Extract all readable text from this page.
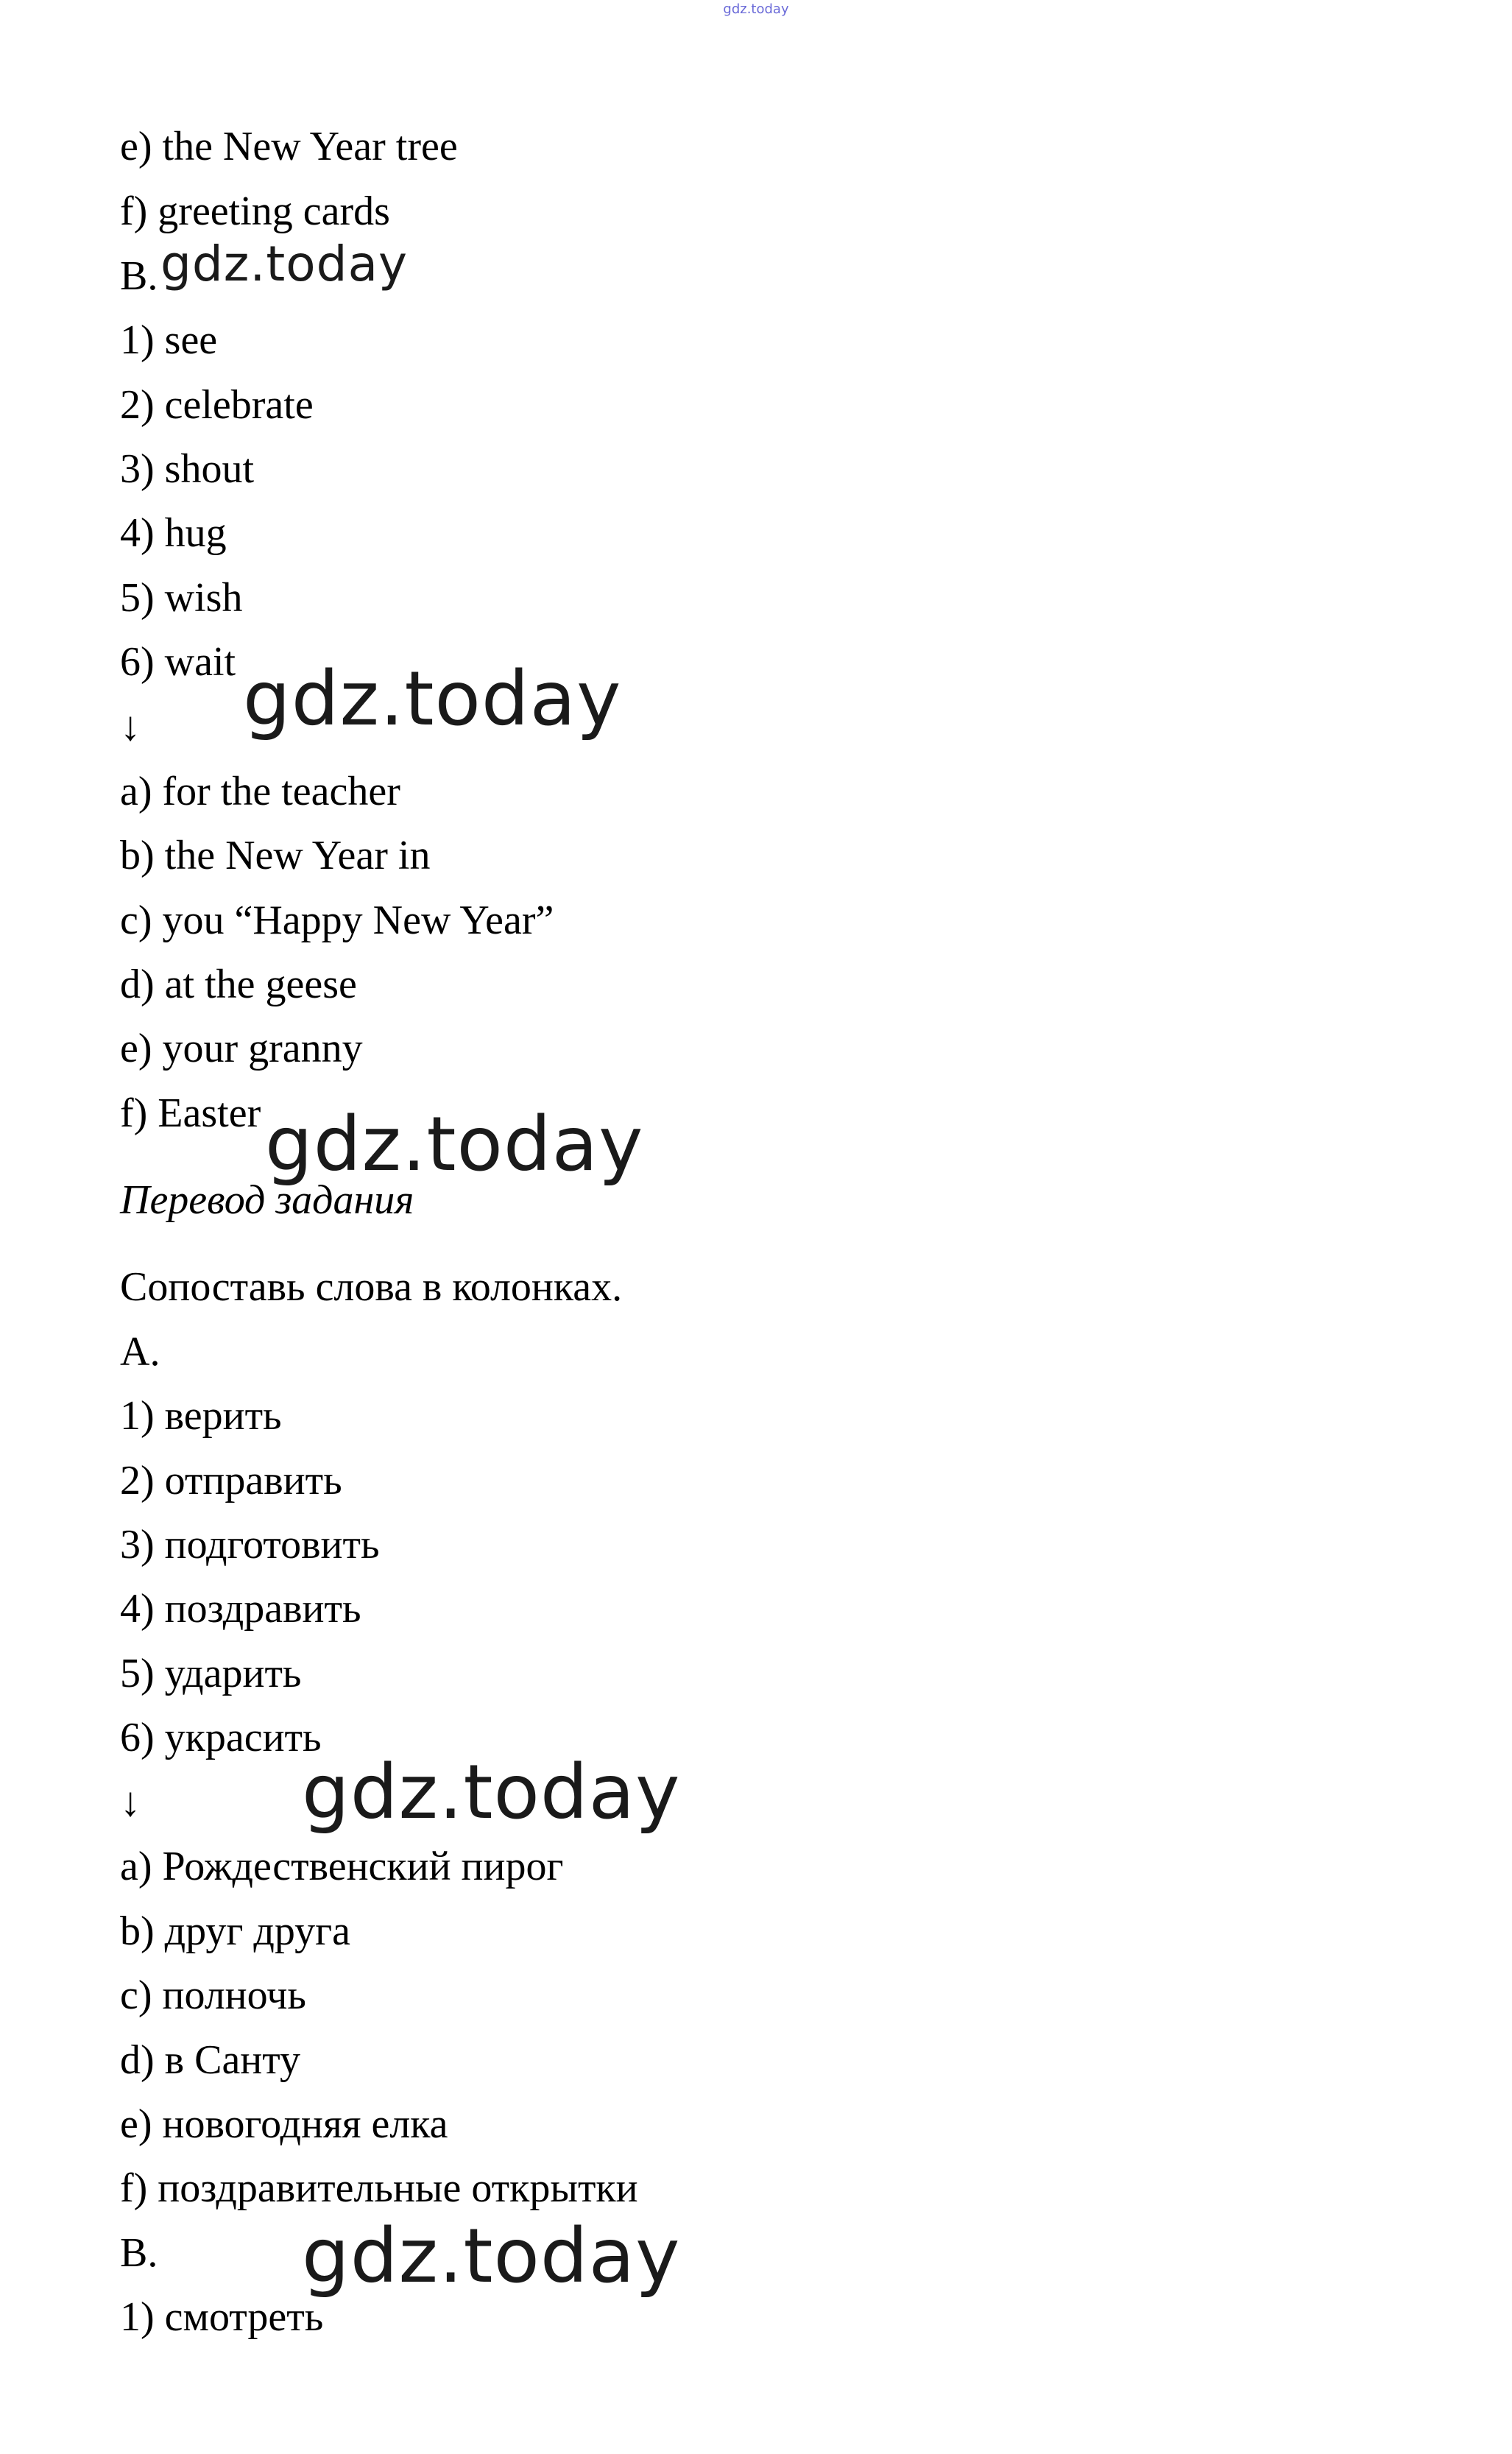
gdz.today
e) the New Year tree
f) greeting cards
B.
1) see
2) celebrate
3) shout
4) hug
5) wish
6) wait
↓
a) for the teacher
b) the New Year in
c) you “Happy New Year”
d) at the geese
e) your granny
f) Easter
Перевод задания
Сопоставь слова в колонках.
А.
1) верить
2) отправить
3) подготовить
4) поздравить
5) ударить
6) украсить
↓
a) Рождественский пирог
b) друг друга
c) полночь
d) в Санту
e) новогодняя елка
f) поздравительные открытки
В.
1) смотреть
gdz.today
gdz.today
gdz.today
gdz.today
gdz.today
